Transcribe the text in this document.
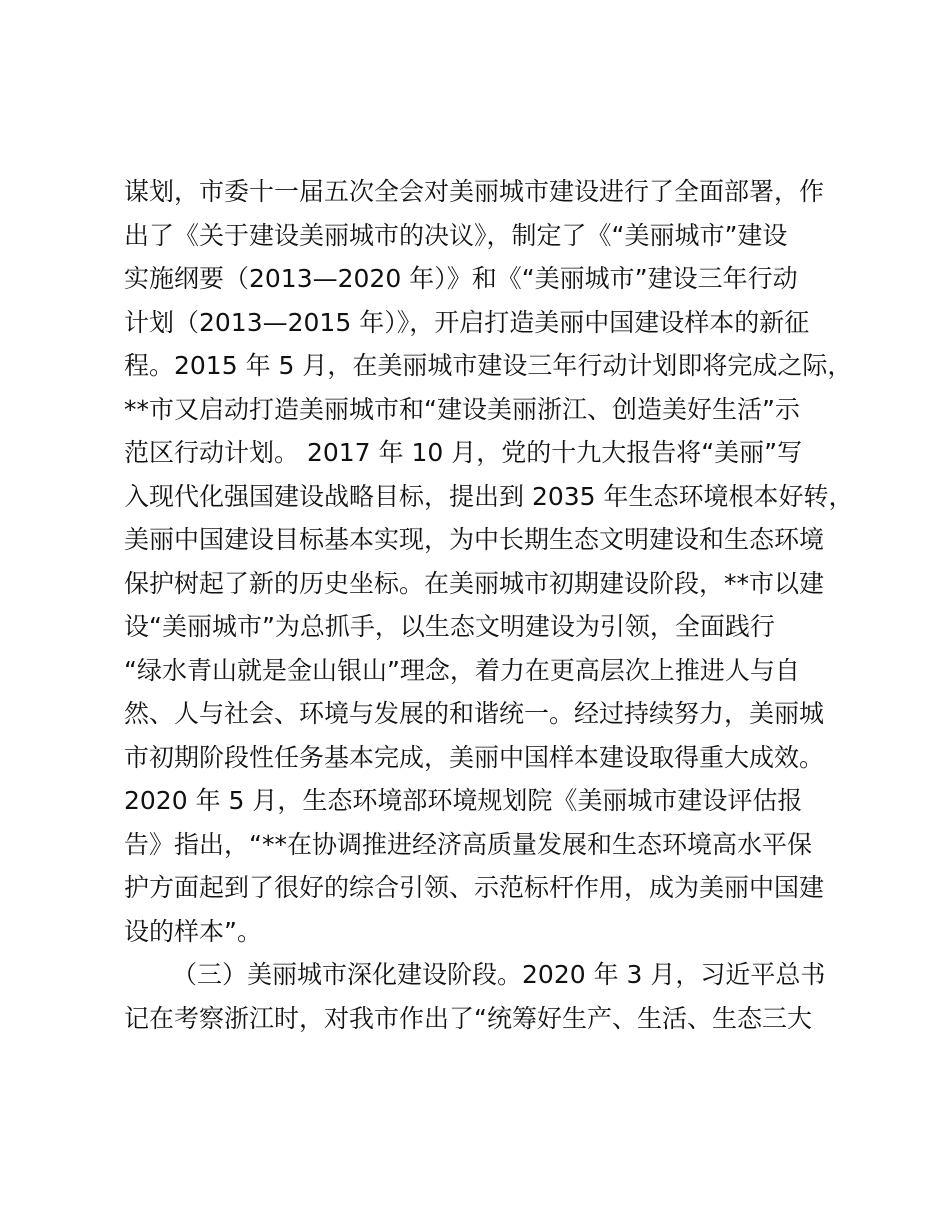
谋划，市委十一届五次全会对美丽城市建设进行了全面部署，作
出了《关于建设美丽城市的决议》，制定了《“美丽城市”建设
实施纲要（2013—2020 年）》和《“美丽城市”建设三年行动
计划（2013—2015 年）》，开启打造美丽中国建设样本的新征
程。2015 年 5 月，在美丽城市建设三年行动计划即将完成之际，
**市又启动打造美丽城市和“建设美丽浙江、创造美好生活”示
范区行动计划。 2017 年 10 月，党的十九大报告将“美丽”写
入现代化强国建设战略目标，提出到 2035 年生态环境根本好转，
美丽中国建设目标基本实现，为中长期生态文明建设和生态环境
保护树起了新的历史坐标。在美丽城市初期建设阶段，**市以建
设“美丽城市”为总抓手，以生态文明建设为引领，全面践行
“绿水青山就是金山银山”理念，着力在更高层次上推进人与自
然、人与社会、环境与发展的和谐统一。经过持续努力，美丽城
市初期阶段性任务基本完成，美丽中国样本建设取得重大成效。
2020 年 5 月，生态环境部环境规划院《美丽城市建设评估报
告》指出，“**在协调推进经济高质量发展和生态环境高水平保
护方面起到了很好的综合引领、示范标杆作用，成为美丽中国建
设的样本”。
（三）美丽城市深化建设阶段。2020 年 3 月，习近平总书
记在考察浙江时，对我市作出了“统筹好生产、生活、生态三大
